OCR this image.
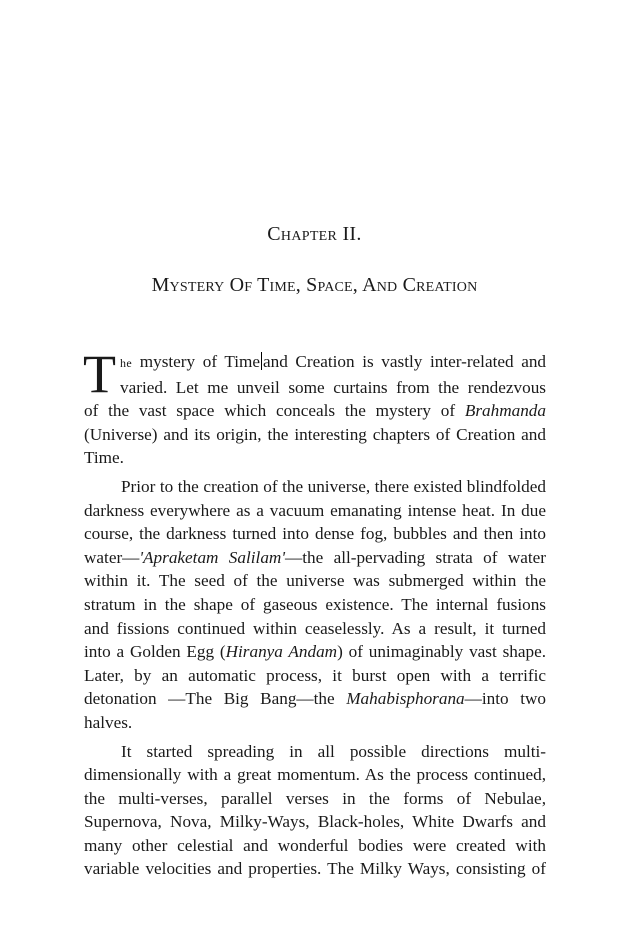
Chapter II.
Mystery Of Time, Space, And Creation

T he mystery of Time and Creation is vastly inter-related and
varied. Let me unveil some curtains from the rendezvous
of the vast space which conceals the mystery of Brahmanda
(Universe) and its origin, the interesting chapters of Creation and
Time.

Prior to the creation of the universe, there existed blindfolded
darkness everywhere as a vacuum emanating intense heat. In due
course, the darkness turned into dense fog, bubbles and then into
water—'Apraketam Salilam'—the all-pervading strata of water
within it. The seed of the universe was submerged within the
stratum in the shape of gaseous existence. The internal fusions
and fissions continued within ceaselessly. As a result, it turned
into a Golden Egg (Hiranya Andam) of unimaginably vast shape.
Later, by an automatic process, it burst open with a terrific
detonation —The Big Bang—the Mahabisphorana—into two
halves.

It started spreading in all possible directions multi-
dimensionally with a great momentum. As the process continued,
the multi-verses, parallel verses in the forms of Nebulae,
Supernova, Nova, Milky-Ways, Black-holes, White Dwarfs and
many other celestial and wonderful bodies were created with
variable velocities and properties. The Milky Ways, consisting of
